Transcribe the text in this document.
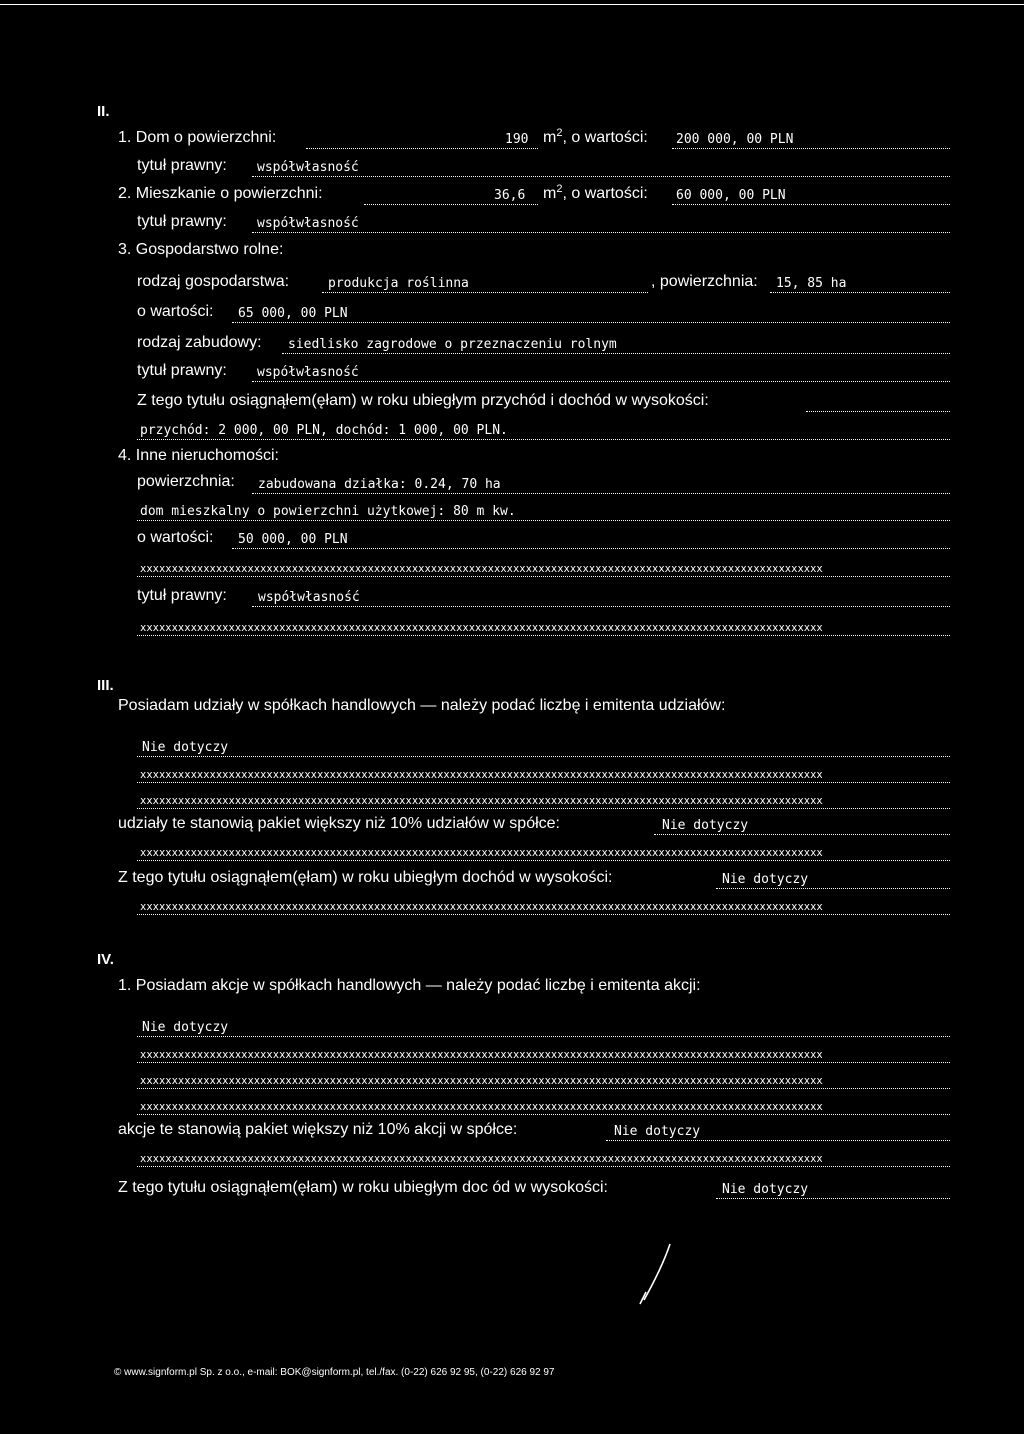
II.
1. Dom o powierzchni:	190 $m^2$, o wartości: 200 000, 00 PLN
tytuł prawny: współwłasność
2. Mieszkanie o powierzchni:	36,6 $m^2$, o wartości: 60 000, 00 PLN
tytuł prawny: współwłasność
3. Gospodarstwo rolne:
rodzaj gospodarstwa:	produkcja roślinna	, powierzchnia: 15, 85 ha
o wartości: 65 000, 00 PLN
rodzaj zabudowy: siedlisko zagrodowe o przeznaczeniu rolnym
tytuł prawny: współwłasność
Z tego tytułu osiągnąłem(ęłam) w roku ubiegłym przychód i dochód w wysokości:
przychód: 2 000, 00 PLN, dochód: 1 000, 00 PLN.
4. Inne nieruchomości:
powierzchnia: zabudowana działka: 0.24, 70 ha
dom mieszkalny o powierzchni użytkowej: 80 m kw.
o wartości: 50 000, 00 PLN
xxxxxxxxxxxxxxxxxxxxxxxxxxxxxxxxxxxxxxxxxxxxxxxxxxxxxxxxxxxxxxxxxxxxxxxxxxxxxxxxxxxxxxxxxxxxxxxxxxxxxxxxxxxx
tytuł prawny: współwłasność
xxxxxxxxxxxxxxxxxxxxxxxxxxxxxxxxxxxxxxxxxxxxxxxxxxxxxxxxxxxxxxxxxxxxxxxxxxxxxxxxxxxxxxxxxxxxxxxxxxxxxxxxxxxx
III.
Posiadam udziały w spółkach handlowych — należy podać liczbę i emitenta udziałów:
Nie dotyczy
xxxxxxxxxxxxxxxxxxxxxxxxxxxxxxxxxxxxxxxxxxxxxxxxxxxxxxxxxxxxxxxxxxxxxxxxxxxxxxxxxxxxxxxxxxxxxxxxxxxxxxxxxxxx
xxxxxxxxxxxxxxxxxxxxxxxxxxxxxxxxxxxxxxxxxxxxxxxxxxxxxxxxxxxxxxxxxxxxxxxxxxxxxxxxxxxxxxxxxxxxxxxxxxxxxxxxxxxx
udziały te stanowią pakiet większy niż 10% udziałów w spółce:	Nie dotyczy
xxxxxxxxxxxxxxxxxxxxxxxxxxxxxxxxxxxxxxxxxxxxxxxxxxxxxxxxxxxxxxxxxxxxxxxxxxxxxxxxxxxxxxxxxxxxxxxxxxxxxxxxxxxx
Z tego tytułu osiągnąłem(ęłam) w roku ubiegłym dochód w wysokości:	Nie dotyczy
xxxxxxxxxxxxxxxxxxxxxxxxxxxxxxxxxxxxxxxxxxxxxxxxxxxxxxxxxxxxxxxxxxxxxxxxxxxxxxxxxxxxxxxxxxxxxxxxxxxxxxxxxxxx
IV.
1. Posiadam akcje w spółkach handlowych — należy podać liczbę i emitenta akcji:
Nie dotyczy
xxxxxxxxxxxxxxxxxxxxxxxxxxxxxxxxxxxxxxxxxxxxxxxxxxxxxxxxxxxxxxxxxxxxxxxxxxxxxxxxxxxxxxxxxxxxxxxxxxxxxxxxxxxx
xxxxxxxxxxxxxxxxxxxxxxxxxxxxxxxxxxxxxxxxxxxxxxxxxxxxxxxxxxxxxxxxxxxxxxxxxxxxxxxxxxxxxxxxxxxxxxxxxxxxxxxxxxxx
xxxxxxxxxxxxxxxxxxxxxxxxxxxxxxxxxxxxxxxxxxxxxxxxxxxxxxxxxxxxxxxxxxxxxxxxxxxxxxxxxxxxxxxxxxxxxxxxxxxxxxxxxxxx
akcje te stanowią pakiet większy niż 10% akcji w spółce:	Nie dotyczy
xxxxxxxxxxxxxxxxxxxxxxxxxxxxxxxxxxxxxxxxxxxxxxxxxxxxxxxxxxxxxxxxxxxxxxxxxxxxxxxxxxxxxxxxxxxxxxxxxxxxxxxxxxxx
Z tego tytułu osiągnąłem(ęłam) w roku ubiegłym doc ód w wysokości:	Nie dotyczy
© www.signform.pl Sp. z o.o., e-mail: BOK@signform.pl, tel./fax. (0-22) 626 92 95, (0-22) 626 92 97
